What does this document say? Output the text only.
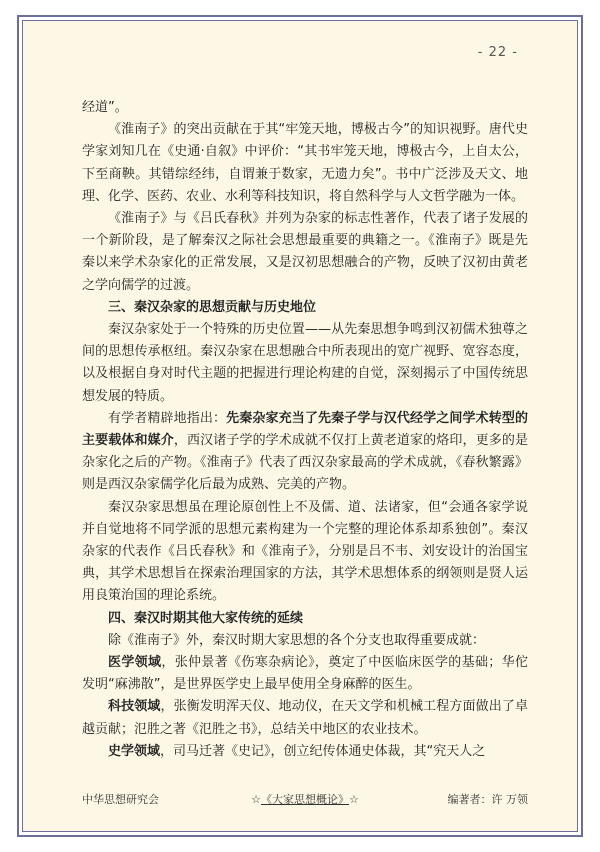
- 22 -

经道”。

《淮南子》的突出贡献在于其“牢笼天地，博极古今”的知识视野。唐代史学家刘知几在《史通·自叙》中评价：“其书牢笼天地，博极古今，上自太公，下至商鞅。其错综经纬，自谓兼于数家，无遗力矣”。书中广泛涉及天文、地理、化学、医药、农业、水利等科技知识，将自然科学与人文哲学融为一体。

《淮南子》与《吕氏春秋》并列为杂家的标志性著作，代表了诸子发展的一个新阶段，是了解秦汉之际社会思想最重要的典籍之一。《淮南子》既是先秦以来学术杂家化的正常发展，又是汉初思想融合的产物，反映了汉初由黄老之学向儒学的过渡。

三、秦汉杂家的思想贡献与历史地位

秦汉杂家处于一个特殊的历史位置——从先秦思想争鸣到汉初儒术独尊之间的思想传承枢纽。秦汉杂家在思想融合中所表现出的宽广视野、宽容态度，以及根据自身对时代主题的把握进行理论构建的自觉，深刻揭示了中国传统思想发展的特质。

有学者精辟地指出：先秦杂家充当了先秦子学与汉代经学之间学术转型的主要载体和媒介，西汉诸子学的学术成就不仅打上黄老道家的烙印，更多的是杂家化之后的产物。《淮南子》代表了西汉杂家最高的学术成就，《春秋繁露》则是西汉杂家儒学化后最为成熟、完美的产物。

秦汉杂家思想虽在理论原创性上不及儒、道、法诸家，但“会通各家学说并自觉地将不同学派的思想元素构建为一个完整的理论体系却系独创”。秦汉杂家的代表作《吕氏春秋》和《淮南子》，分别是吕不韦、刘安设计的治国宝典，其学术思想旨在探索治理国家的方法，其学术思想体系的纲领则是贤人运用良策治国的理论系统。

四、秦汉时期其他大家传统的延续

除《淮南子》外，秦汉时期大家思想的各个分支也取得重要成就：

医学领域，张仲景著《伤寒杂病论》，奠定了中医临床医学的基础；华佗发明“麻沸散”，是世界医学史上最早使用全身麻醉的医生。

科技领域，张衡发明浑天仪、地动仪，在天文学和机械工程方面做出了卓越贡献；氾胜之著《氾胜之书》，总结关中地区的农业技术。

史学领域，司马迁著《史记》，创立纪传体通史体裁，其“究天人之

中华思想研究会	☆《大家思想概论》☆	编著者：许 万领
